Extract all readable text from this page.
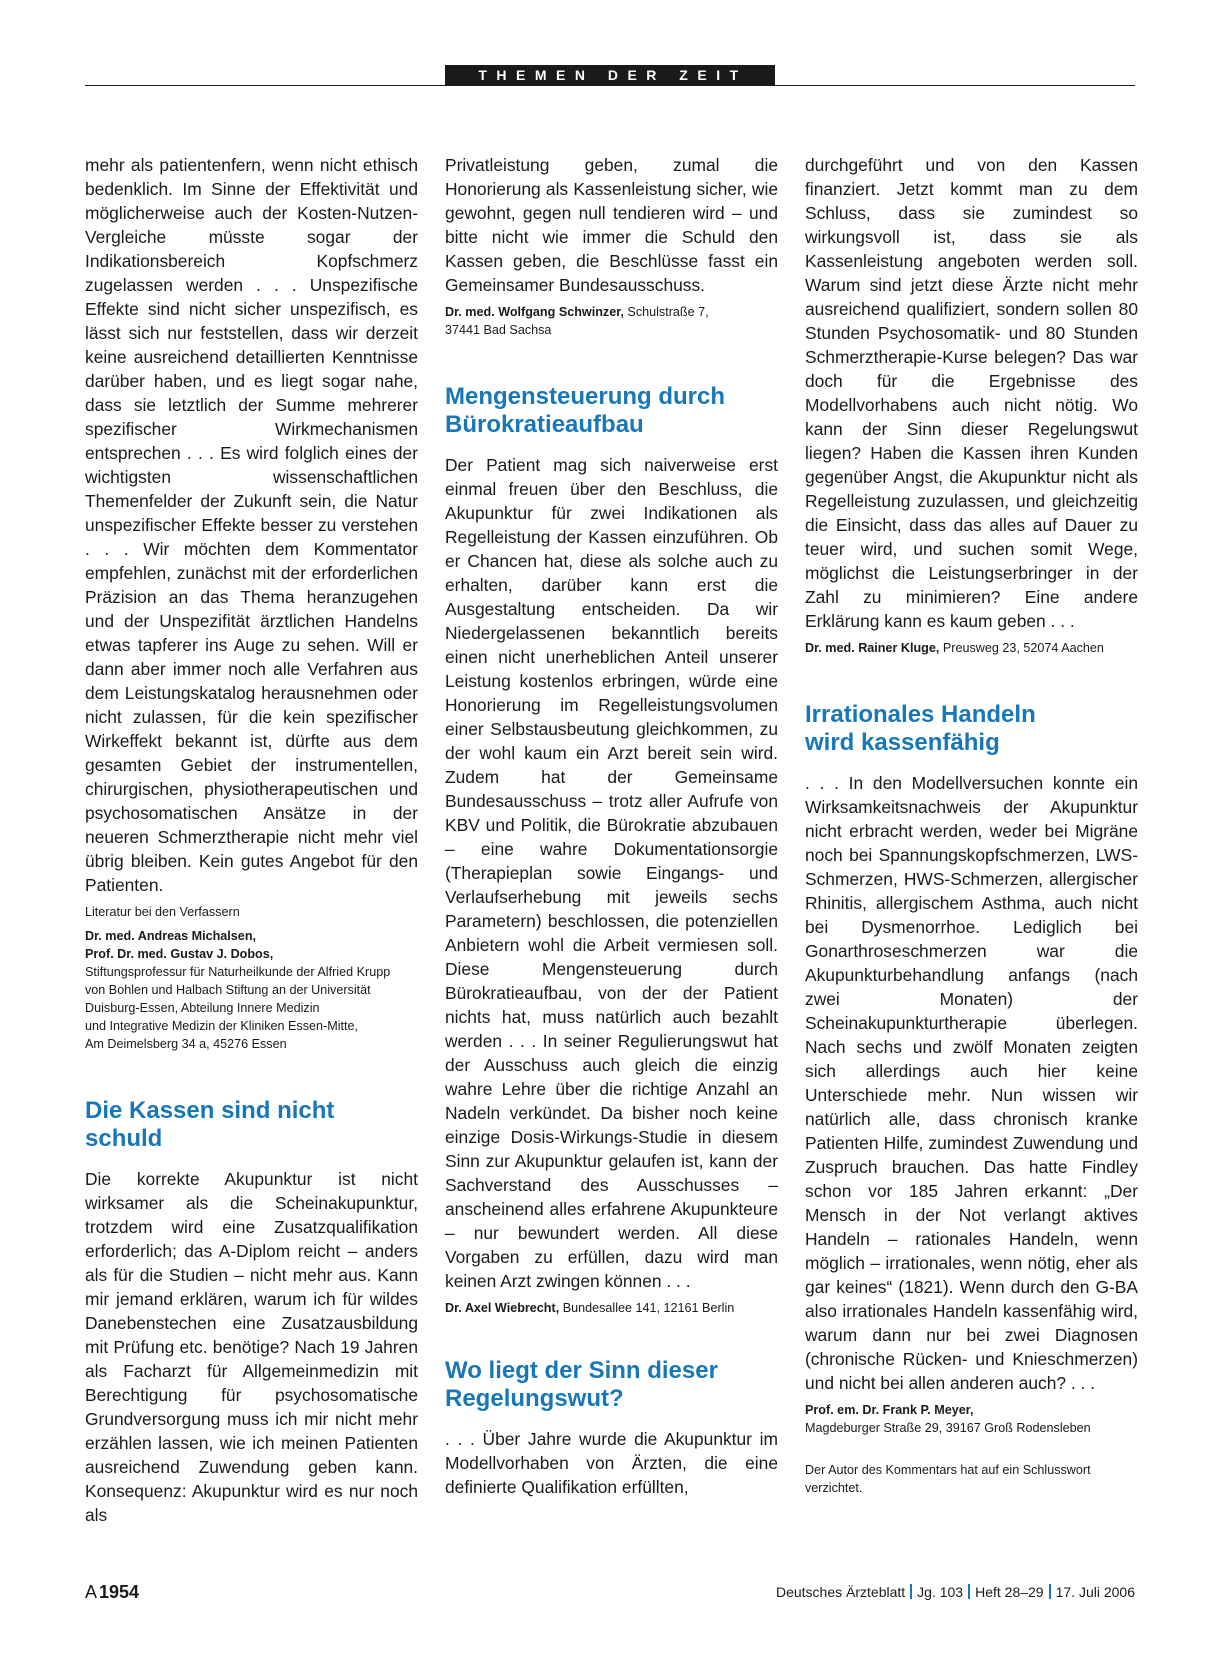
THEMEN DER ZEIT

mehr als patientenfern, wenn nicht ethisch bedenklich. Im Sinne der Effektivität und möglicherweise auch der Kosten-Nutzen-Vergleiche müsste sogar der Indikationsbereich Kopfschmerz zugelassen werden . . . Unspezifische Effekte sind nicht sicher unspezifisch, es lässt sich nur feststellen, dass wir derzeit keine ausreichend detaillierten Kenntnisse darüber haben, und es liegt sogar nahe, dass sie letztlich der Summe mehrerer spezifischer Wirkmechanismen entsprechen . . . Es wird folglich eines der wichtigsten wissenschaftlichen Themenfelder der Zukunft sein, die Natur unspezifischer Effekte besser zu verstehen . . . Wir möchten dem Kommentator empfehlen, zunächst mit der erforderlichen Präzision an das Thema heranzugehen und der Unspezifität ärztlichen Handelns etwas tapferer ins Auge zu sehen. Will er dann aber immer noch alle Verfahren aus dem Leistungskatalog herausnehmen oder nicht zulassen, für die kein spezifischer Wirkeffekt bekannt ist, dürfte aus dem gesamten Gebiet der instrumentellen, chirurgischen, physiotherapeutischen und psychosomatischen Ansätze in der neueren Schmerztherapie nicht mehr viel übrig bleiben. Kein gutes Angebot für den Patienten.

Literatur bei den Verfassern

Dr. med. Andreas Michalsen,
Prof. Dr. med. Gustav J. Dobos,
Stiftungsprofessur für Naturheilkunde der Alfried Krupp
von Bohlen und Halbach Stiftung an der Universität
Duisburg-Essen, Abteilung Innere Medizin
und Integrative Medizin der Kliniken Essen-Mitte,
Am Deimelsberg 34 a, 45276 Essen
Die Kassen sind nicht schuld

Die korrekte Akupunktur ist nicht wirksamer als die Scheinakupunktur, trotzdem wird eine Zusatzqualifikation erforderlich; das A-Diplom reicht – anders als für die Studien – nicht mehr aus. Kann mir jemand erklären, warum ich für wildes Danebenstechen eine Zusatzausbildung mit Prüfung etc. benötige? Nach 19 Jahren als Facharzt für Allgemeinmedizin mit Berechtigung für psychosomatische Grundversorgung muss ich mir nicht mehr erzählen lassen, wie ich meinen Patienten ausreichend Zuwendung geben kann. Konsequenz: Akupunktur wird es nur noch als

Privatleistung geben, zumal die Honorierung als Kassenleistung sicher, wie gewohnt, gegen null tendieren wird – und bitte nicht wie immer die Schuld den Kassen geben, die Beschlüsse fasst ein Gemeinsamer Bundesausschuss.

Dr. med. Wolfgang Schwinzer, Schulstraße 7,
37441 Bad Sachsa
Mengensteuerung durch
Bürokratieaufbau

Der Patient mag sich naiverweise erst einmal freuen über den Beschluss, die Akupunktur für zwei Indikationen als Regelleistung der Kassen einzuführen. Ob er Chancen hat, diese als solche auch zu erhalten, darüber kann erst die Ausgestaltung entscheiden. Da wir Niedergelassenen bekanntlich bereits einen nicht unerheblichen Anteil unserer Leistung kostenlos erbringen, würde eine Honorierung im Regelleistungsvolumen einer Selbstausbeutung gleichkommen, zu der wohl kaum ein Arzt bereit sein wird. Zudem hat der Gemeinsame Bundesausschuss – trotz aller Aufrufe von KBV und Politik, die Bürokratie abzubauen – eine wahre Dokumentationsorgie (Therapieplan sowie Eingangs- und Verlaufserhebung mit jeweils sechs Parametern) beschlossen, die potenziellen Anbietern wohl die Arbeit vermiesen soll. Diese Mengensteuerung durch Bürokratieaufbau, von der der Patient nichts hat, muss natürlich auch bezahlt werden . . . In seiner Regulierungswut hat der Ausschuss auch gleich die einzig wahre Lehre über die richtige Anzahl an Nadeln verkündet. Da bisher noch keine einzige Dosis-Wirkungs-Studie in diesem Sinn zur Akupunktur gelaufen ist, kann der Sachverstand des Ausschusses – anscheinend alles erfahrene Akupunkteure – nur bewundert werden. All diese Vorgaben zu erfüllen, dazu wird man keinen Arzt zwingen können . . .

Dr. Axel Wiebrecht, Bundesallee 141, 12161 Berlin
Wo liegt der Sinn dieser
Regelungswut?

. . . Über Jahre wurde die Akupunktur im Modellvorhaben von Ärzten, die eine definierte Qualifikation erfüllten,

durchgeführt und von den Kassen finanziert. Jetzt kommt man zu dem Schluss, dass sie zumindest so wirkungsvoll ist, dass sie als Kassenleistung angeboten werden soll. Warum sind jetzt diese Ärzte nicht mehr ausreichend qualifiziert, sondern sollen 80 Stunden Psychosomatik- und 80 Stunden Schmerztherapie-Kurse belegen? Das war doch für die Ergebnisse des Modellvorhabens auch nicht nötig. Wo kann der Sinn dieser Regelungswut liegen? Haben die Kassen ihren Kunden gegenüber Angst, die Akupunktur nicht als Regelleistung zuzulassen, und gleichzeitig die Einsicht, dass das alles auf Dauer zu teuer wird, und suchen somit Wege, möglichst die Leistungserbringer in der Zahl zu minimieren? Eine andere Erklärung kann es kaum geben . . .

Dr. med. Rainer Kluge, Preusweg 23, 52074 Aachen
Irrationales Handeln
wird kassenfähig

. . . In den Modellversuchen konnte ein Wirksamkeitsnachweis der Akupunktur nicht erbracht werden, weder bei Migräne noch bei Spannungskopfschmerzen, LWS-Schmerzen, HWS-Schmerzen, allergischer Rhinitis, allergischem Asthma, auch nicht bei Dysmenorrhoe. Lediglich bei Gonarthroseschmerzen war die Akupunkturbehandlung anfangs (nach zwei Monaten) der Scheinakupunkturtherapie überlegen. Nach sechs und zwölf Monaten zeigten sich allerdings auch hier keine Unterschiede mehr. Nun wissen wir natürlich alle, dass chronisch kranke Patienten Hilfe, zumindest Zuwendung und Zuspruch brauchen. Das hatte Findley schon vor 185 Jahren erkannt: „Der Mensch in der Not verlangt aktives Handeln – rationales Handeln, wenn möglich – irrationales, wenn nötig, eher als gar keines“ (1821). Wenn durch den G-BA also irrationales Handeln kassenfähig wird, warum dann nur bei zwei Diagnosen (chronische Rücken- und Knieschmerzen) und nicht bei allen anderen auch? . . .

Prof. em. Dr. Frank P. Meyer,
Magdeburger Straße 29, 39167 Groß Rodensleben
Der Autor des Kommentars hat auf ein Schlusswort
verzichtet.
A 1954	Deutsches Ärzteblatt Jg. 103 Heft 28–29 17. Juli 2006
